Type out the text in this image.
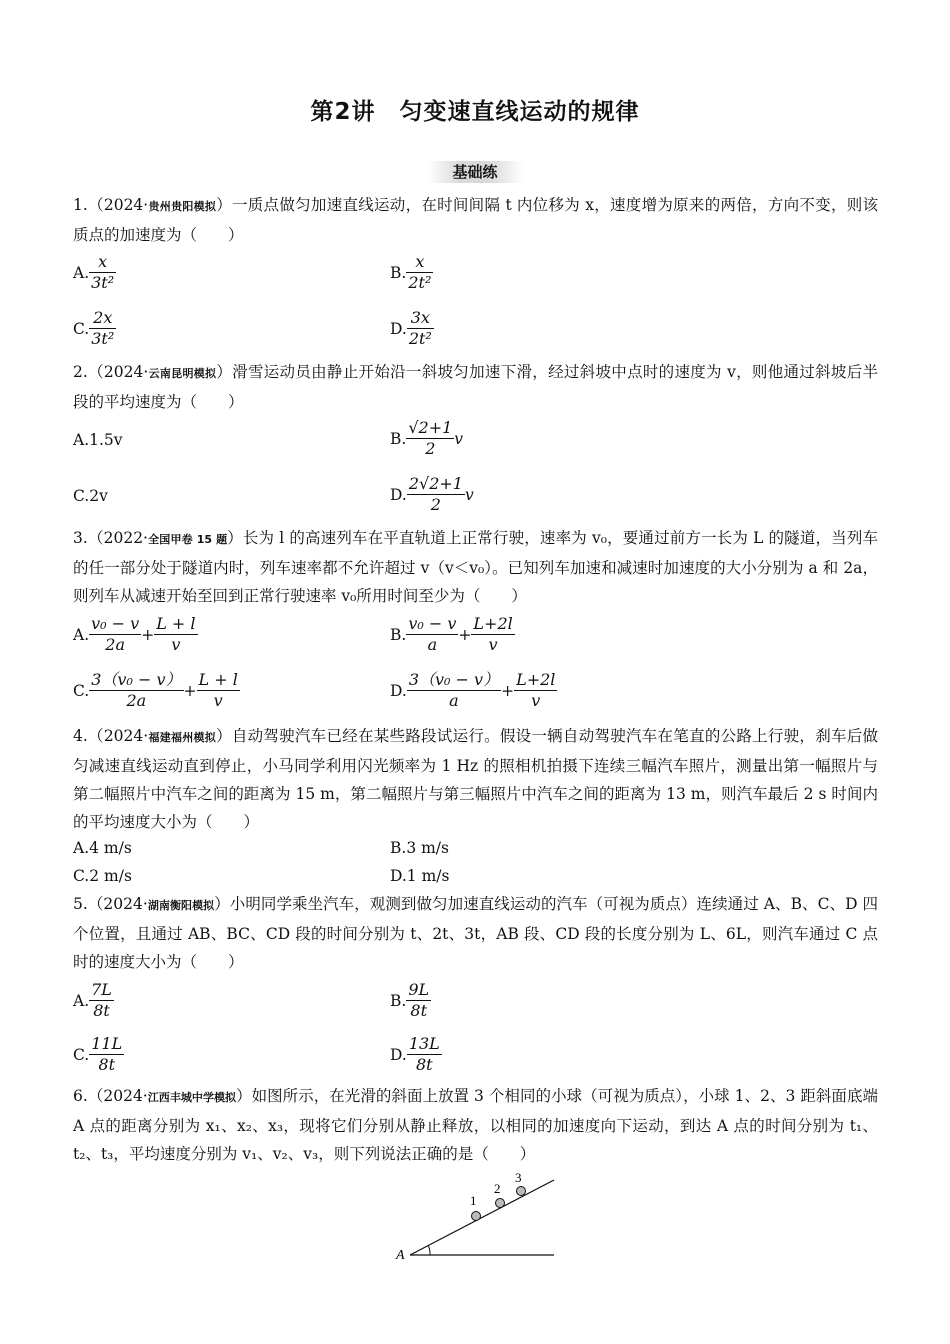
第2讲　匀变速直线运动的规律
基础练
1.（2024·贵州贵阳模拟）一质点做匀加速直线运动，在时间间隔 t 内位移为 x，速度增为原来的两倍，方向不变，则该质点的加速度为（　　）
A. $\frac{x}{\text{3t²}}$	B. $\frac{x}{\text{2t²}}$
C. $\frac{2x}{\text{3t²}}$	D. $\frac{3x}{\text{2t²}}$
2.（2024·云南昆明模拟）滑雪运动员由静止开始沿一斜坡匀加速下滑，经过斜坡中点时的速度为 v，则他通过斜坡后半段的平均速度为（　　）
A.1.5v	B. $\frac{√2+1}{2}$ v
C.2v	D. $\frac{2√2+1}{2}$ v
3.（2022·全国甲卷 15 题）长为 l 的高速列车在平直轨道上正常行驶，速率为 v₀，要通过前方一长为 L 的隧道，当列车的任一部分处于隧道内时，列车速率都不允许超过 v（v＜v₀）。已知列车加速和减速时加速度的大小分别为 a 和 2a，则列车从减速开始至回到正常行驶速率 v₀所用时间至少为（　　）
A. $\frac{\text{v₀ − v}}{2a} + \frac{L + l}{v}$	B. $\frac{\text{v₀ − v}}{a} + \frac{L+2l}{v}$
C. $\frac{\text{3（v₀ − v）}}{2a} + \frac{L + l}{v}$	D. $\frac{\text{3（v₀ − v）}}{a} + \frac{L+2l}{v}$
4.（2024·福建福州模拟）自动驾驶汽车已经在某些路段试运行。假设一辆自动驾驶汽车在笔直的公路上行驶，刹车后做匀减速直线运动直到停止，小马同学利用闪光频率为 1 Hz 的照相机拍摄下连续三幅汽车照片，测量出第一幅照片与第二幅照片中汽车之间的距离为 15 m，第二幅照片与第三幅照片中汽车之间的距离为 13 m，则汽车最后 2 s 时间内的平均速度大小为（　　）
A.4 m/s	B.3 m/s
C.2 m/s	D.1 m/s
5.（2024·湖南衡阳模拟）小明同学乘坐汽车，观测到做匀加速直线运动的汽车（可视为质点）连续通过 A、B、C、D 四个位置，且通过 AB、BC、CD 段的时间分别为 t、2t、3t，AB 段、CD 段的长度分别为 L、6L，则汽车通过 C 点时的速度大小为（　　）
A. $\frac{7L}{8t}$	B. $\frac{9L}{8t}$
C. $\frac{11L}{8t}$	D. $\frac{13L}{8t}$
6.（2024·江西丰城中学模拟）如图所示，在光滑的斜面上放置 3 个相同的小球（可视为质点），小球 1、2、3 距斜面底端 A 点的距离分别为 x₁、x₂、x₃，现将它们分别从静止释放，以相同的加速度向下运动，到达 A 点的时间分别为 t₁、t₂、t₃，平均速度分别为 v₁、v₂、v₃，则下列说法正确的是（　　）
A
1
2
3
